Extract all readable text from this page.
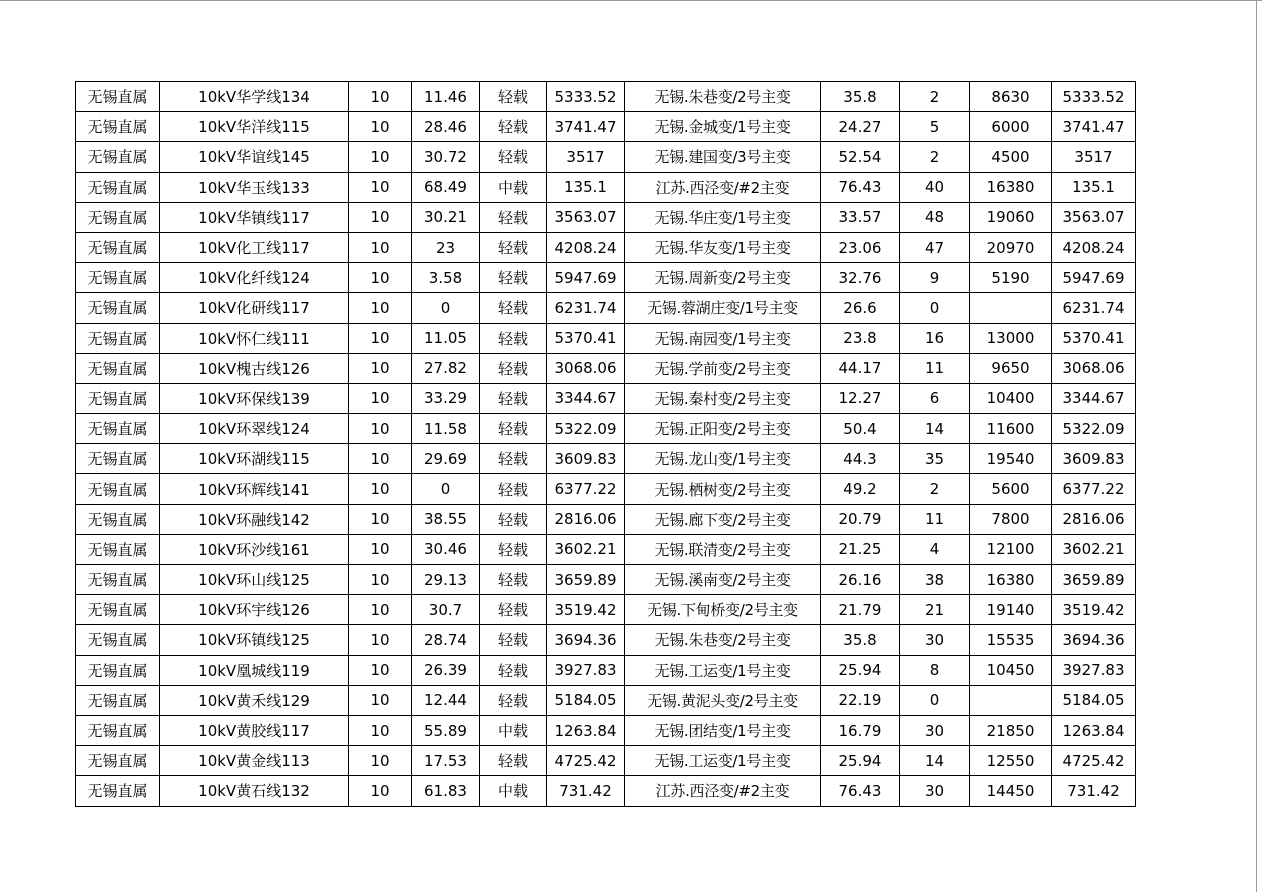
无锡直属	10kV华学线134	10	11.46	轻载	5333.52	无锡.朱巷变/2号主变	35.8	2	8630	5333.52
无锡直属	10kV华洋线115	10	28.46	轻载	3741.47	无锡.金城变/1号主变	24.27	5	6000	3741.47
无锡直属	10kV华谊线145	10	30.72	轻载	3517	无锡.建国变/3号主变	52.54	2	4500	3517
无锡直属	10kV华玉线133	10	68.49	中载	135.1	江苏.西泾变/#2主变	76.43	40	16380	135.1
无锡直属	10kV华镇线117	10	30.21	轻载	3563.07	无锡.华庄变/1号主变	33.57	48	19060	3563.07
无锡直属	10kV化工线117	10	23	轻载	4208.24	无锡.华友变/1号主变	23.06	47	20970	4208.24
无锡直属	10kV化纤线124	10	3.58	轻载	5947.69	无锡.周新变/2号主变	32.76	9	5190	5947.69
无锡直属	10kV化研线117	10	0	轻载	6231.74	无锡.蓉湖庄变/1号主变	26.6	0		6231.74
无锡直属	10kV怀仁线111	10	11.05	轻载	5370.41	无锡.南园变/1号主变	23.8	16	13000	5370.41
无锡直属	10kV槐古线126	10	27.82	轻载	3068.06	无锡.学前变/2号主变	44.17	11	9650	3068.06
无锡直属	10kV环保线139	10	33.29	轻载	3344.67	无锡.秦村变/2号主变	12.27	6	10400	3344.67
无锡直属	10kV环翠线124	10	11.58	轻载	5322.09	无锡.正阳变/2号主变	50.4	14	11600	5322.09
无锡直属	10kV环湖线115	10	29.69	轻载	3609.83	无锡.龙山变/1号主变	44.3	35	19540	3609.83
无锡直属	10kV环辉线141	10	0	轻载	6377.22	无锡.栖树变/2号主变	49.2	2	5600	6377.22
无锡直属	10kV环融线142	10	38.55	轻载	2816.06	无锡.廊下变/2号主变	20.79	11	7800	2816.06
无锡直属	10kV环沙线161	10	30.46	轻载	3602.21	无锡.联清变/2号主变	21.25	4	12100	3602.21
无锡直属	10kV环山线125	10	29.13	轻载	3659.89	无锡.溪南变/2号主变	26.16	38	16380	3659.89
无锡直属	10kV环宇线126	10	30.7	轻载	3519.42	无锡.下甸桥变/2号主变	21.79	21	19140	3519.42
无锡直属	10kV环镇线125	10	28.74	轻载	3694.36	无锡.朱巷变/2号主变	35.8	30	15535	3694.36
无锡直属	10kV凰城线119	10	26.39	轻载	3927.83	无锡.工运变/1号主变	25.94	8	10450	3927.83
无锡直属	10kV黄禾线129	10	12.44	轻载	5184.05	无锡.黄泥头变/2号主变	22.19	0		5184.05
无锡直属	10kV黄胶线117	10	55.89	中载	1263.84	无锡.团结变/1号主变	16.79	30	21850	1263.84
无锡直属	10kV黄金线113	10	17.53	轻载	4725.42	无锡.工运变/1号主变	25.94	14	12550	4725.42
无锡直属	10kV黄石线132	10	61.83	中载	731.42	江苏.西泾变/#2主变	76.43	30	14450	731.42
